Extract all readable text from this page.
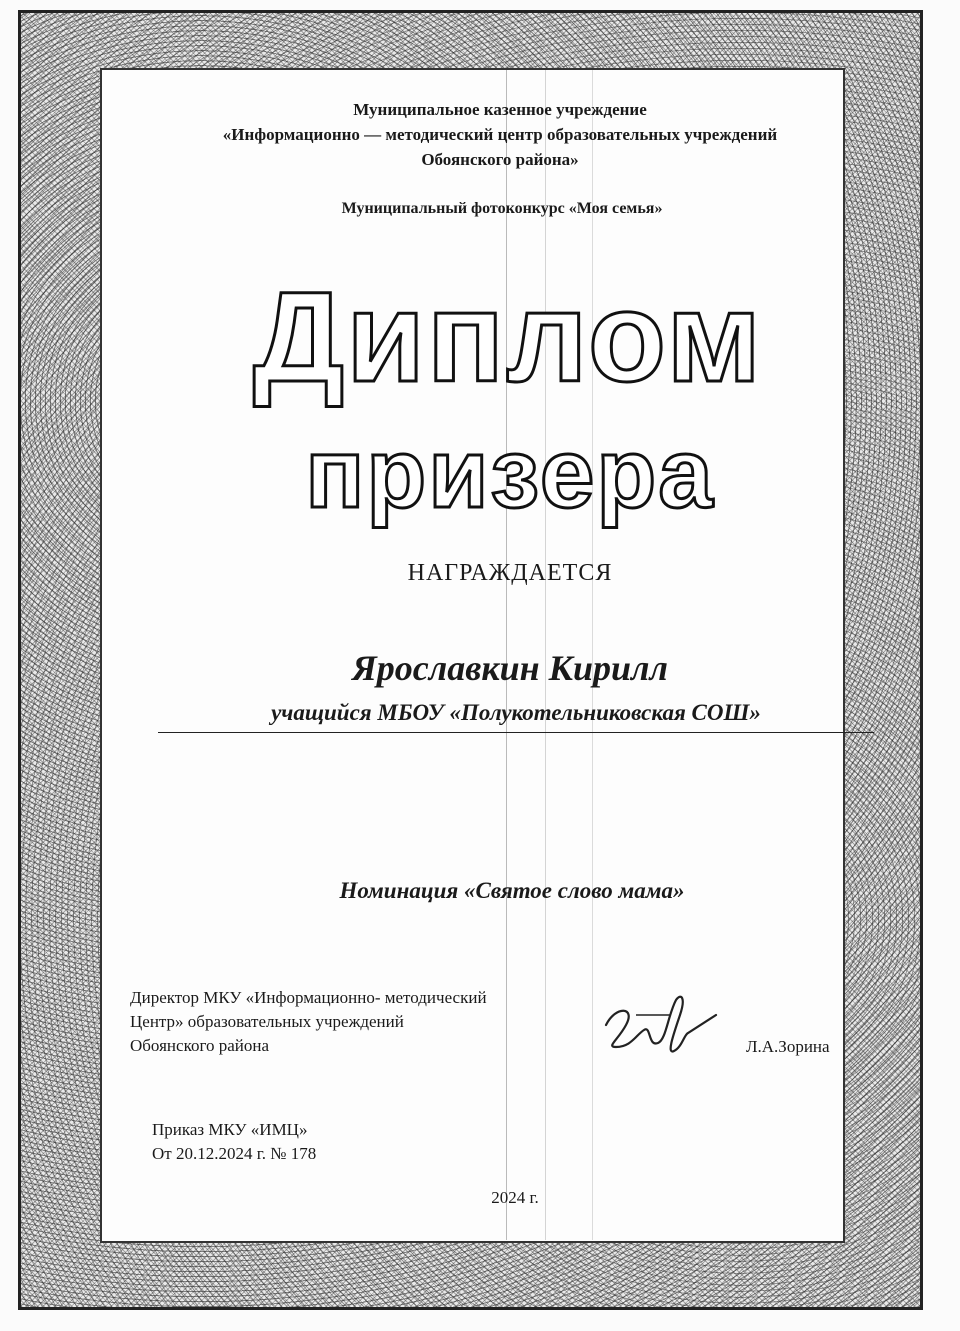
Муниципальное казенное учреждение
«Информационно — методический центр образовательных учреждений
Обоянского района»
Муниципальный фотоконкурс «Моя семья»
Диплом
призера
НАГРАЖДАЕТСЯ
Ярославкин Кирилл
учащийся МБОУ «Полукотельниковская СОШ»
Номинация «Святое слово мама»
Директор МКУ «Информационно- методический
Центр» образовательных учреждений
Обоянского района	Л.А.Зорина
Приказ МКУ «ИМЦ»
От 20.12.2024 г. № 178
2024 г.
